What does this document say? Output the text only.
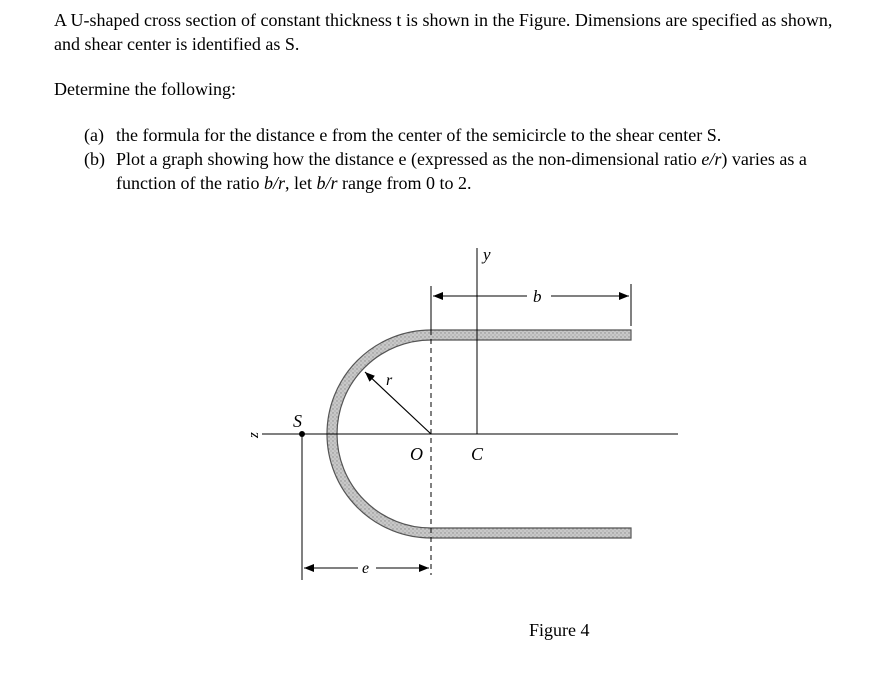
A U-shaped cross section of constant thickness t is shown in the Figure. Dimensions are specified as shown, and shear center is identified as S.

Determine the following:

(a) the formula for the distance e from the center of the semicircle to the shear center S.
(b) Plot a graph showing how the distance e (expressed as the non-dimensional ratio e/r) varies as a function of the ratio b/r, let b/r range from 0 to 2.
b
r
y
z
S
O	C
e
Figure 4
